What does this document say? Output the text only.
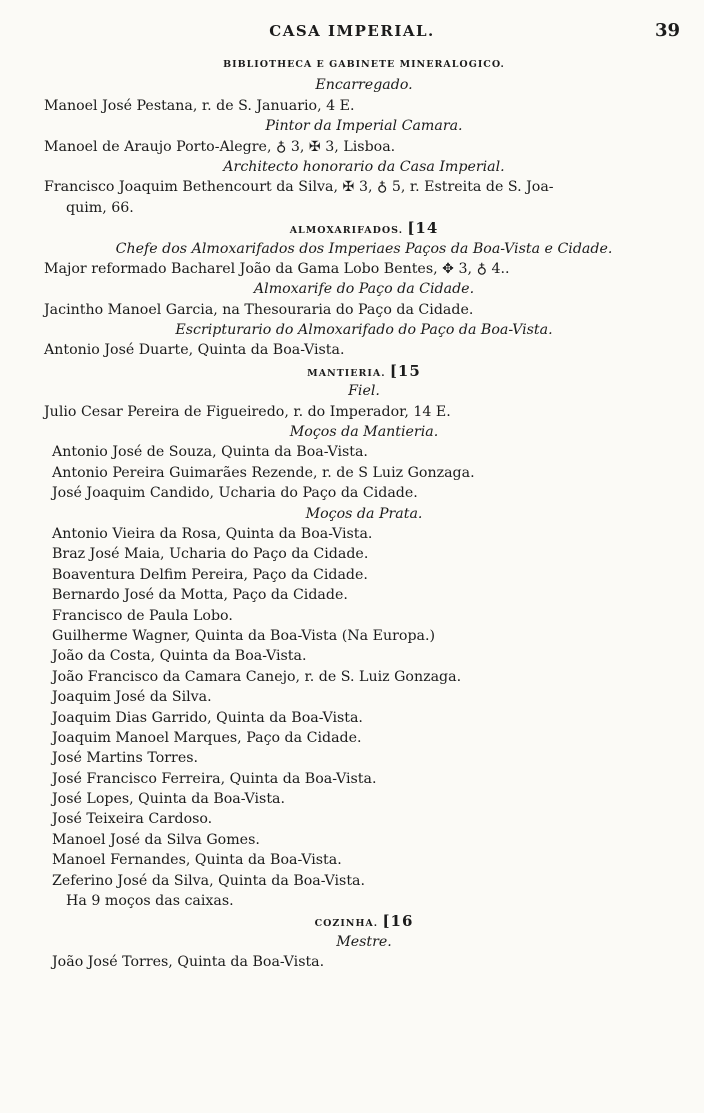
CASA IMPERIAL.	39
BIBLIOTHECA E GABINETE MINERALOGICO.
Encarregado.
Manoel José Pestana, r. de S. Januario, 4 E.
Pintor da Imperial Camara.
Manoel de Araujo Porto-Alegre, ♁ 3, ✠ 3, Lisboa.
Architecto honorario da Casa Imperial.
Francisco Joaquim Bethencourt da Silva, ✠ 3, ♁ 5, r. Estreita de S. Joa-
quim, 66.
ALMOXARIFADOS. [14
Chefe dos Almoxarifados dos Imperiaes Paços da Boa-Vista e Cidade.
Major reformado Bacharel João da Gama Lobo Bentes, ✥ 3, ♁ 4..
Almoxarife do Paço da Cidade.
Jacintho Manoel Garcia, na Thesouraria do Paço da Cidade.
Escripturario do Almoxarifado do Paço da Boa-Vista.
Antonio José Duarte, Quinta da Boa-Vista.
MANTIERIA. [15
Fiel.
Julio Cesar Pereira de Figueiredo, r. do Imperador, 14 E.
Moços da Mantieria.
Antonio José de Souza, Quinta da Boa-Vista.
Antonio Pereira Guimarães Rezende, r. de S Luiz Gonzaga.
José Joaquim Candido, Ucharia do Paço da Cidade.
Moços da Prata.
Antonio Vieira da Rosa, Quinta da Boa-Vista.
Braz José Maia, Ucharia do Paço da Cidade.
Boaventura Delfim Pereira, Paço da Cidade.
Bernardo José da Motta, Paço da Cidade.
Francisco de Paula Lobo.
Guilherme Wagner, Quinta da Boa-Vista (Na Europa.)
João da Costa, Quinta da Boa-Vista.
João Francisco da Camara Canejo, r. de S. Luiz Gonzaga.
Joaquim José da Silva.
Joaquim Dias Garrido, Quinta da Boa-Vista.
Joaquim Manoel Marques, Paço da Cidade.
José Martins Torres.
José Francisco Ferreira, Quinta da Boa-Vista.
José Lopes, Quinta da Boa-Vista.
José Teixeira Cardoso.
Manoel José da Silva Gomes.
Manoel Fernandes, Quinta da Boa-Vista.
Zeferino José da Silva, Quinta da Boa-Vista.
Ha 9 moços das caixas.
COZINHA. [16
Mestre.
João José Torres, Quinta da Boa-Vista.
